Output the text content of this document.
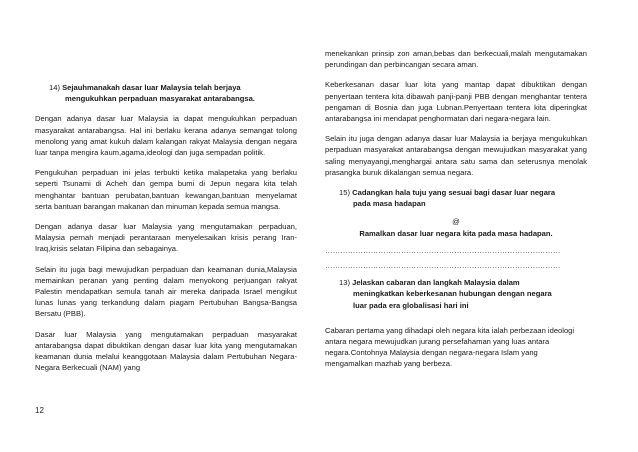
14) Sejauhmanakah dasar luar Malaysia telah berjaya
mengukuhkan perpaduan masyarakat antarabangsa.

Dengan adanya dasar luar Malaysia ia dapat mengukuhkan perpaduan masyarakat antarabangsa. Hal ini berlaku kerana adanya semangat tolong menolong yang amat kukuh dalam kalangan rakyat Malaysia dengan negara luar tanpa mengira kaum,agama,ideologi dan juga sempadan politik.

Pengukuhan perpaduan ini jelas terbukti ketika malapetaka yang berlaku seperti Tsunami di Acheh dan gempa bumi di Jepun negara kita telah menghantar bantuan perubatan,bantuan kewangan,bantuan menyelamat serta bantuan barangan makanan dan minuman kepada semua mangsa.

Dengan adanya dasar luar Malaysia yang mengutamakan perpaduan, Malaysia pernah menjadi perantaraan menyelesaikan krisis perang Iran-Iraq,krisis selatan Filipina dan sebagainya.

Selain itu juga bagi mewujudkan perpaduan dan keamanan dunia,Malaysia memainkan peranan yang penting dalam menyokong perjuangan rakyat Palestin mendapatkan semula tanah air mereka daripada Israel mengikut lunas lunas yang terkandung dalam piagam Pertubuhan Bangsa-Bangsa Bersatu (PBB).

Dasar luar Malaysia yang mengutamakan perpaduan masyarakat antarabangsa dapat dibuktikan dengan dasar luar kita yang mengutamakan keamanan dunia melalui keanggotaan Malaysia dalam Pertubuhan Negara-Negara Berkecuali (NAM) yang

menekankan prinsip zon aman,bebas dan berkecuali,malah mengutamakan perundingan dan perbincangan secara aman.

Keberkesanan dasar luar kita yang mantap dapat dibuktikan dengan penyertaan tentera kita dibawah panji-panji PBB dengan menghantar tentera pengaman di Bosnia dan juga Lubnan.Penyertaan tentera kita diperingkat antarabangsa ini mendapat penghormatan dari negara-negara lain.

Selain itu juga dengan adanya dasar luar Malaysia ia berjaya mengukuhkan perpaduan masyarakat antarabangsa dengan mewujudkan masyarakat yang saling menyayangi,menghargai antara satu sama dan seterusnya menolak prasangka buruk dikalangan semua negara.

15) Cadangkan hala tuju yang sesuai bagi dasar luar negara
pada masa hadapan
@
Ramalkan dasar luar negara kita pada masa hadapan.
…………………………………………………………………………………
…………………………………………………………………………………
13) Jelaskan cabaran dan langkah Malaysia dalam
meningkatkan keberkesanan hubungan dengan negara
luar pada era globalisasi hari ini

Cabaran pertama yang dihadapi oleh negara kita ialah perbezaan ideologi antara negara mewujudkan jurang persefahaman yang luas antara negara.Contohnya Malaysia dengan negara-negara Islam yang mengamalkan mazhab yang berbeza.

12
